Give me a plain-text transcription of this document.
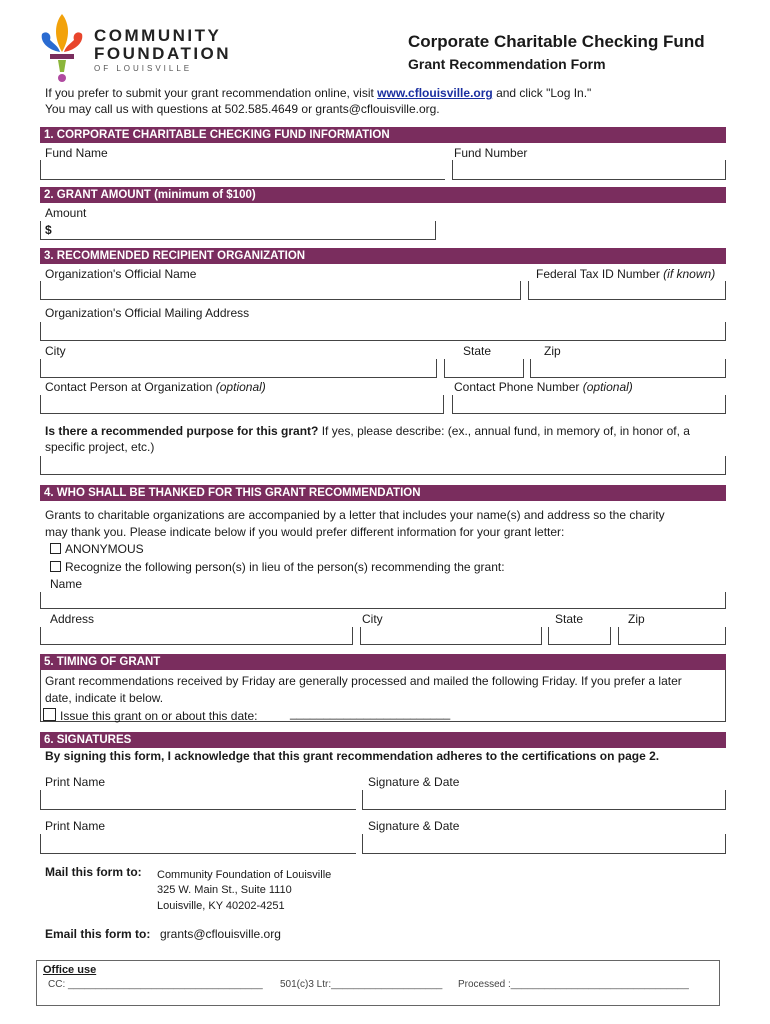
COMMUNITY
FOUNDATION
OF LOUISVILLE
Corporate Charitable Checking Fund
Grant Recommendation Form
If you prefer to submit your grant recommendation online, visit www.cflouisville.org and click "Log In."
You may call us with questions at 502.585.4649 or grants@cflouisville.org.
1. CORPORATE CHARITABLE CHECKING FUND INFORMATION
Fund Name	Fund Number
2. GRANT AMOUNT (minimum of $100)
Amount
$
3. RECOMMENDED RECIPIENT ORGANIZATION
Organization's Official Name	Federal Tax ID Number (if known)
Organization's Official Mailing Address
City	State	Zip
Contact Person at Organization (optional)	Contact Phone Number (optional)
Is there a recommended purpose for this grant? If yes, please describe: (ex., annual fund, in memory of, in honor of, a
specific project, etc.)
4. WHO SHALL BE THANKED FOR THIS GRANT RECOMMENDATION
Grants to charitable organizations are accompanied by a letter that includes your name(s) and address so the charity
may thank you. Please indicate below if you would prefer different information for your grant letter:
ANONYMOUS
Recognize the following person(s) in lieu of the person(s) recommending the grant:
Name
Address	City	State	Zip
5. TIMING OF GRANT
Grant recommendations received by Friday are generally processed and mailed the following Friday. If you prefer a later
date, indicate it below.
Issue this grant on or about this date:	________________________
6. SIGNATURES
By signing this form, I acknowledge that this grant recommendation adheres to the certifications on page 2.
Print Name	Signature & Date
Print Name	Signature & Date
Mail this form to: Community Foundation of Louisville
325 W. Main St., Suite 1110
Louisville, KY 40202-4251
Email this form to: grants@cflouisville.org
Office use
CC: ___________________________________ 501(c)3 Ltr:____________________ Processed :________________________________
